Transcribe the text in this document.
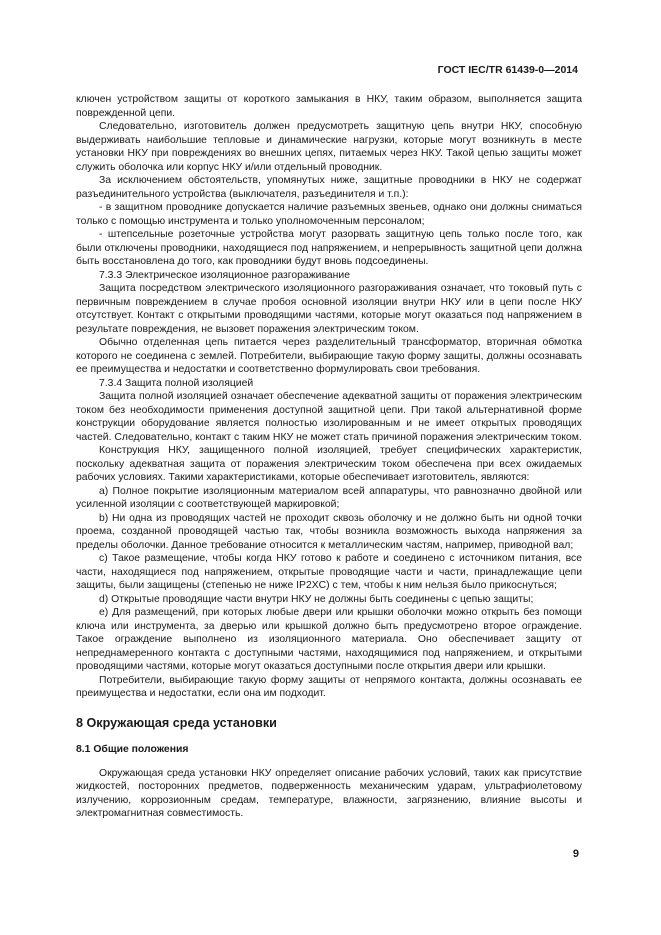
ГОСТ IEC/TR 61439-0—2014

ключен устройством защиты от короткого замыкания в НКУ, таким образом, выполняется защита поврежденной цепи.

Следовательно, изготовитель должен предусмотреть защитную цепь внутри НКУ, способную выдерживать наибольшие тепловые и динамические нагрузки, которые могут возникнуть в месте установки НКУ при повреждениях во внешних цепях, питаемых через НКУ. Такой цепью защиты может служить оболочка или корпус НКУ и/или отдельный проводник.

За исключением обстоятельств, упомянутых ниже, защитные проводники в НКУ не содержат разъединительного устройства (выключателя, разъединителя и т.п.):

- в защитном проводнике допускается наличие разъемных звеньев, однако они должны сниматься только с помощью инструмента и только уполномоченным персоналом;

- штепсельные розеточные устройства могут разорвать защитную цепь только после того, как были отключены проводники, находящиеся под напряжением, и непрерывность защитной цепи должна быть восстановлена до того, как проводники будут вновь подсоединены.

7.3.3 Электрическое изоляционное разгораживание

Защита посредством электрического изоляционного разгораживания означает, что токовый путь с первичным повреждением в случае пробоя основной изоляции внутри НКУ или в цепи после НКУ отсутствует. Контакт с открытыми проводящими частями, которые могут оказаться под напряжением в результате повреждения, не вызовет поражения электрическим током.

Обычно отделенная цепь питается через разделительный трансформатор, вторичная обмотка которого не соединена с землей. Потребители, выбирающие такую форму защиты, должны осознавать ее преимущества и недостатки и соответственно формулировать свои требования.

7.3.4 Защита полной изоляцией

Защита полной изоляцией означает обеспечение адекватной защиты от поражения электрическим током без необходимости применения доступной защитной цепи. При такой альтернативной форме конструкции оборудование является полностью изолированным и не имеет открытых проводящих частей. Следовательно, контакт с таким НКУ не может стать причиной поражения электрическим током.

Конструкция НКУ, защищенного полной изоляцией, требует специфических характеристик, поскольку адекватная защита от поражения электрическим током обеспечена при всех ожидаемых рабочих условиях. Такими характеристиками, которые обеспечивает изготовитель, являются:

а) Полное покрытие изоляционным материалом всей аппаратуры, что равнозначно двойной или усиленной изоляции с соответствующей маркировкой;

b) Ни одна из проводящих частей не проходит сквозь оболочку и не должно быть ни одной точки проема, созданной проводящей частью так, чтобы возникла возможность выхода напряжения за пределы оболочки. Данное требование относится к металлическим частям, например, приводной вал;

с) Такое размещение, чтобы когда НКУ готово к работе и соединено с источником питания, все части, находящиеся под напряжением, открытые проводящие части и части, принадлежащие цепи защиты, были защищены (степенью не ниже IP2XC) с тем, чтобы к ним нельзя было прикоснуться;

d) Открытые проводящие части внутри НКУ не должны быть соединены с цепью защиты;

е) Для размещений, при которых любые двери или крышки оболочки можно открыть без помощи ключа или инструмента, за дверью или крышкой должно быть предусмотрено второе ограждение. Такое ограждение выполнено из изоляционного материала. Оно обеспечивает защиту от непреднамеренного контакта с доступными частями, находящимися под напряжением, и открытыми проводящими частями, которые могут оказаться доступными после открытия двери или крышки.

Потребители, выбирающие такую форму защиты от непрямого контакта, должны осознавать ее преимущества и недостатки, если она им подходит.

8 Окружающая среда установки

8.1 Общие положения

Окружающая среда установки НКУ определяет описание рабочих условий, таких как присутствие жидкостей, посторонних предметов, подверженность механическим ударам, ультрафиолетовому излучению, коррозионным средам, температуре, влажности, загрязнению, влияние высоты и электромагнитная совместимость.

9
